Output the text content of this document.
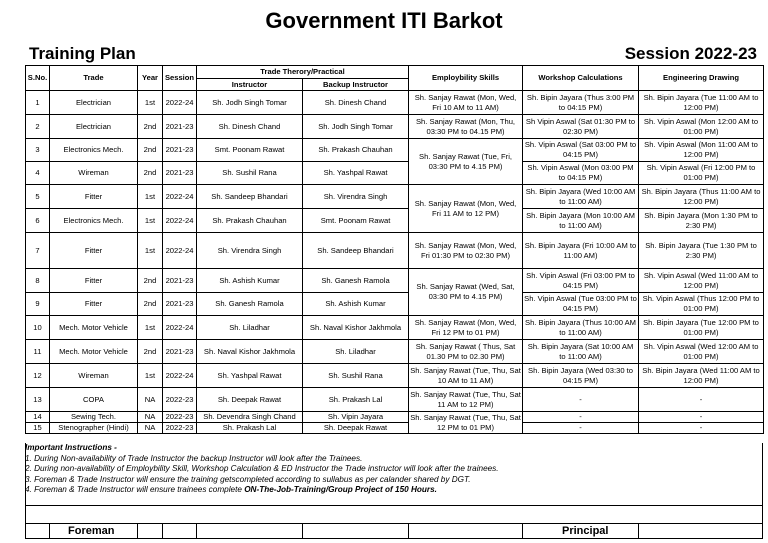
Government ITI Barkot
Training Plan	Session 2022-23
S.No.	Trade	Year	Session	Trade Therory/Practical		Employbility Skills	Workshop Calculations	Engineering Drawing
				Instructor	Backup Instructor			
1	Electrician	1st	2022-24	Sh. Jodh Singh Tomar	Sh. Dinesh Chand	Sh. Sanjay Rawat (Mon, Wed, Fri 10 AM to 11 AM)	Sh. Bipin Jayara (Thus 3:00 PM to 04:15 PM)	Sh. Bipin Jayara (Tue 11:00 AM to 12:00 PM)
2	Electrician	2nd	2021-23	Sh. Dinesh Chand	Sh. Jodh Singh Tomar	Sh. Sanjay Rawat (Mon, Thu, 03:30 PM to 04.15 PM)	Sh Vipin Aswal (Sat 01:30 PM to 02:30 PM)	Sh. Vipin Aswal (Mon 12:00 AM to 01:00 PM)
3	Electronics Mech.	2nd	2021-23	Smt. Poonam Rawat	Sh. Prakash Chauhan	Sh. Sanjay Rawat (Tue, Fri, 03:30 PM to 4.15 PM)	Sh. Vipin Aswal (Sat 03:00 PM to 04:15 PM)	Sh. Vipin Aswal (Mon 11:00 AM to 12:00 PM)
4	Wireman	2nd	2021-23	Sh. Sushil Rana	Sh. Yashpal Rawat		Sh. Vipin Aswal (Mon 03:00 PM to 04:15 PM)	Sh. Vipin Aswal (Fri 12:00 PM to 01:00 PM)
5	Fitter	1st	2022-24	Sh. Sandeep Bhandari	Sh. Virendra Singh	Sh. Sanjay Rawat (Mon, Wed, Fri 11 AM to 12 PM)	Sh. Bipin Jayara (Wed 10:00 AM to 11:00 AM)	Sh. Bipin Jayara (Thus 11:00 AM to 12:00 PM)
6	Electronics Mech.	1st	2022-24	Sh. Prakash Chauhan	Smt. Poonam Rawat		Sh. Bipin Jayara (Mon 10:00 AM to 11:00 AM)	Sh. Bipin Jayara (Mon 1:30 PM to 2:30 PM)
7	Fitter	1st	2022-24	Sh. Virendra Singh	Sh. Sandeep Bhandari	Sh. Sanjay Rawat (Mon, Wed, Fri 01:30 PM to 02:30 PM)	Sh. Bipin Jayara (Fri 10:00 AM to 11:00 AM)	Sh. Bipin Jayara (Tue 1:30 PM to 2:30 PM)
8	Fitter	2nd	2021-23	Sh. Ashish Kumar	Sh. Ganesh Ramola	Sh. Sanjay Rawat (Wed, Sat, 03:30 PM to 4.15 PM)	Sh. Vipin Aswal (Fri 03:00 PM to 04:15 PM)	Sh. Vipin Aswal (Wed 11:00 AM to 12:00 PM)
9	Fitter	2nd	2021-23	Sh. Ganesh Ramola	Sh. Ashish Kumar		Sh. Vipin Aswal (Tue 03:00 PM to 04:15 PM)	Sh. Vipin Aswal (Thus 12:00 PM to 01:00 PM)
10	Mech. Motor Vehicle	1st	2022-24	Sh. Liladhar	Sh. Naval Kishor Jakhmola	Sh. Sanjay Rawat (Mon, Wed, Fri 12 PM to 01 PM)	Sh. Bipin Jayara (Thus 10:00 AM to 11:00 AM)	Sh. Bipin Jayara (Tue 12:00 PM to 01:00 PM)
11	Mech. Motor Vehicle	2nd	2021-23	Sh. Naval Kishor Jakhmola	Sh. Liladhar	Sh. Sanjay Rawat ( Thus, Sat 01.30 PM to 02.30 PM)	Sh. Bipin Jayara (Sat 10:00 AM to 11:00 AM)	Sh. Vipin Aswal (Wed 12:00 AM to 01:00 PM)
12	Wireman	1st	2022-24	Sh. Yashpal Rawat	Sh. Sushil Rana	Sh. Sanjay Rawat (Tue, Thu, Sat 10 AM to 11 AM)	Sh. Bipin Jayara (Wed 03:30 to 04:15 PM)	Sh. Bipin Jayara (Wed 11:00 AM to 12:00 PM)
13	COPA	NA	2022-23	Sh. Deepak Rawat	Sh. Prakash Lal	Sh. Sanjay Rawat (Tue, Thu, Sat 11 AM to 12 PM)	-	-
14	Sewing Tech.	NA	2022-23	Sh. Devendra Singh Chand	Sh. Vipin Jayara	Sh. Sanjay Rawat (Tue, Thu, Sat 12 PM to 01 PM)	-	-
15	Stenographer (Hindi)	NA	2022-23	Sh. Prakash Lal	Sh. Deepak Rawat		-	-
Important Instructions -
1. During Non-availability of Trade Instructor the backup Instructor will look after the Trainees.
2. During non-availability of Employbility Skill, Workshop Calculation & ED Instructor the Trade instructor will look after the trainees.
3. Foreman & Trade Instructor will ensure the training getscompleted according to sullabus as per calander shared by DGT.
4. Foreman & Trade Instructor will ensure trainees complete ON-The-Job-Training/Group Project of 150 Hours.
Foreman	Principal
